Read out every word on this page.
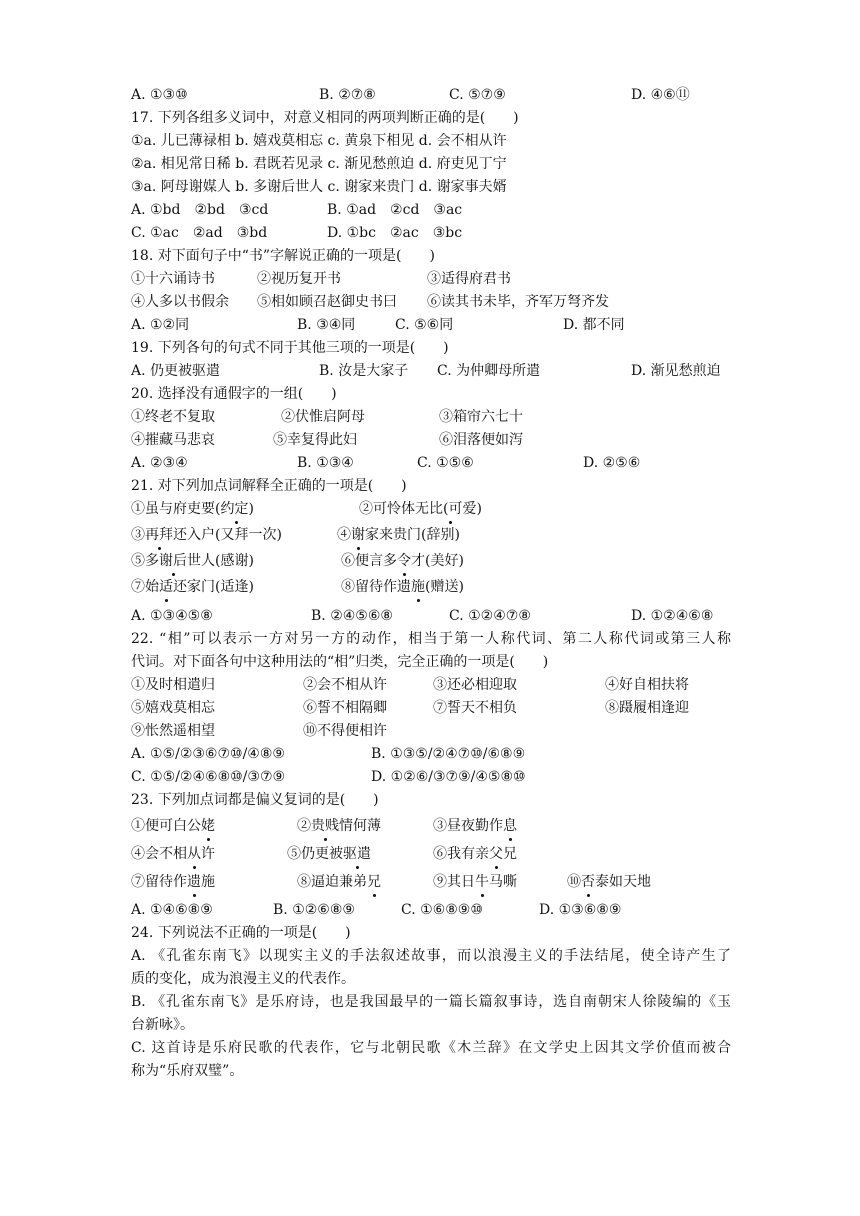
A. ①③⑩	B. ②⑦⑧	C. ⑤⑦⑨	D. ④⑥⑪
17. 下列各组多义词中，对意义相同的两项判断正确的是(　　)
①a. 儿已薄禄相 b. 嬉戏莫相忘 c. 黄泉下相见 d. 会不相从许
②a. 相见常日稀 b. 君既若见录 c. 渐见愁煎迫 d. 府吏见丁宁
③a. 阿母谢媒人 b. 多谢后世人 c. 谢家来贵门 d. 谢家事夫婿
A. ①bd　②bd　③cd	B. ①ad　②cd　③ac
C. ①ac　②ad　③bd	D. ①bc　②ac　③bc
18. 对下面句子中“书”字解说正确的一项是(　　)
①十六诵诗书	②视历复开书	③适得府君书
④人多以书假余 ⑤相如顾召赵御史书曰 ⑥读其书未毕，齐军万弩齐发
A. ①②同	B. ③④同	C. ⑤⑥同	D. 都不同
19. 下列各句的句式不同于其他三项的一项是(　　)
A. 仍更被驱遣	B. 汝是大家子 C. 为仲卿母所遣	D. 渐见愁煎迫
20. 选择没有通假字的一组(　　)
①终老不复取	②伏惟启阿母	③箱帘六七十
④摧藏马悲哀	⑤幸复得此妇	⑥泪落便如泻
A. ②③④	B. ①③④	C. ①⑤⑥	D. ②⑤⑥
21. 对下列加点词解释全正确的一项是(　　)
①虽与府吏要(约定)	②可怜体无比(可爱)
③再拜还入户(又拜一次)	④谢家来贵门(辞别)
⑤多谢后世人(感谢)	⑥便言多令才(美好)
⑦始适还家门(适逢)	⑧留待作遗施(赠送)
A. ①③④⑤⑧	B. ②④⑤⑥⑧	C. ①②④⑦⑧	D. ①②④⑥⑧
22. “相”可以表示一方对另一方的动作，相当于第一人称代词、第二人称代词或第三人称
代词。对下面各句中这种用法的“相”归类，完全正确的一项是(　　)
①及时相遣归	②会不相从许	③还必相迎取	④好自相扶将
⑤嬉戏莫相忘	⑥誓不相隔卿	⑦誓天不相负	⑧蹑履相逢迎
⑨怅然遥相望	⑩不得便相许
A. ①⑤/②③⑥⑦⑩/④⑧⑨	B. ①③⑤/②④⑦⑩/⑥⑧⑨
C. ①⑤/②④⑥⑧⑩/③⑦⑨	D. ①②⑥/③⑦⑨/④⑤⑧⑩
23. 下列加点词都是偏义复词的是(　　)
①便可白公姥	②贵贱情何薄	③昼夜勤作息
④会不相从许	⑤仍更被驱遣	⑥我有亲父兄
⑦留待作遗施	⑧逼迫兼弟兄	⑨其日牛马嘶	⑩否泰如天地
A. ①④⑥⑧⑨	B. ①②⑥⑧⑨	C. ①⑥⑧⑨⑩	D. ①③⑥⑧⑨
24. 下列说法不正确的一项是(　　)
A. 《孔雀东南飞》以现实主义的手法叙述故事，而以浪漫主义的手法结尾，使全诗产生了
质的变化，成为浪漫主义的代表作。
B. 《孔雀东南飞》是乐府诗，也是我国最早的一篇长篇叙事诗，选自南朝宋人徐陵编的《玉
台新咏》。
C. 这首诗是乐府民歌的代表作，它与北朝民歌《木兰辞》在文学史上因其文学价值而被合
称为“乐府双璧”。
